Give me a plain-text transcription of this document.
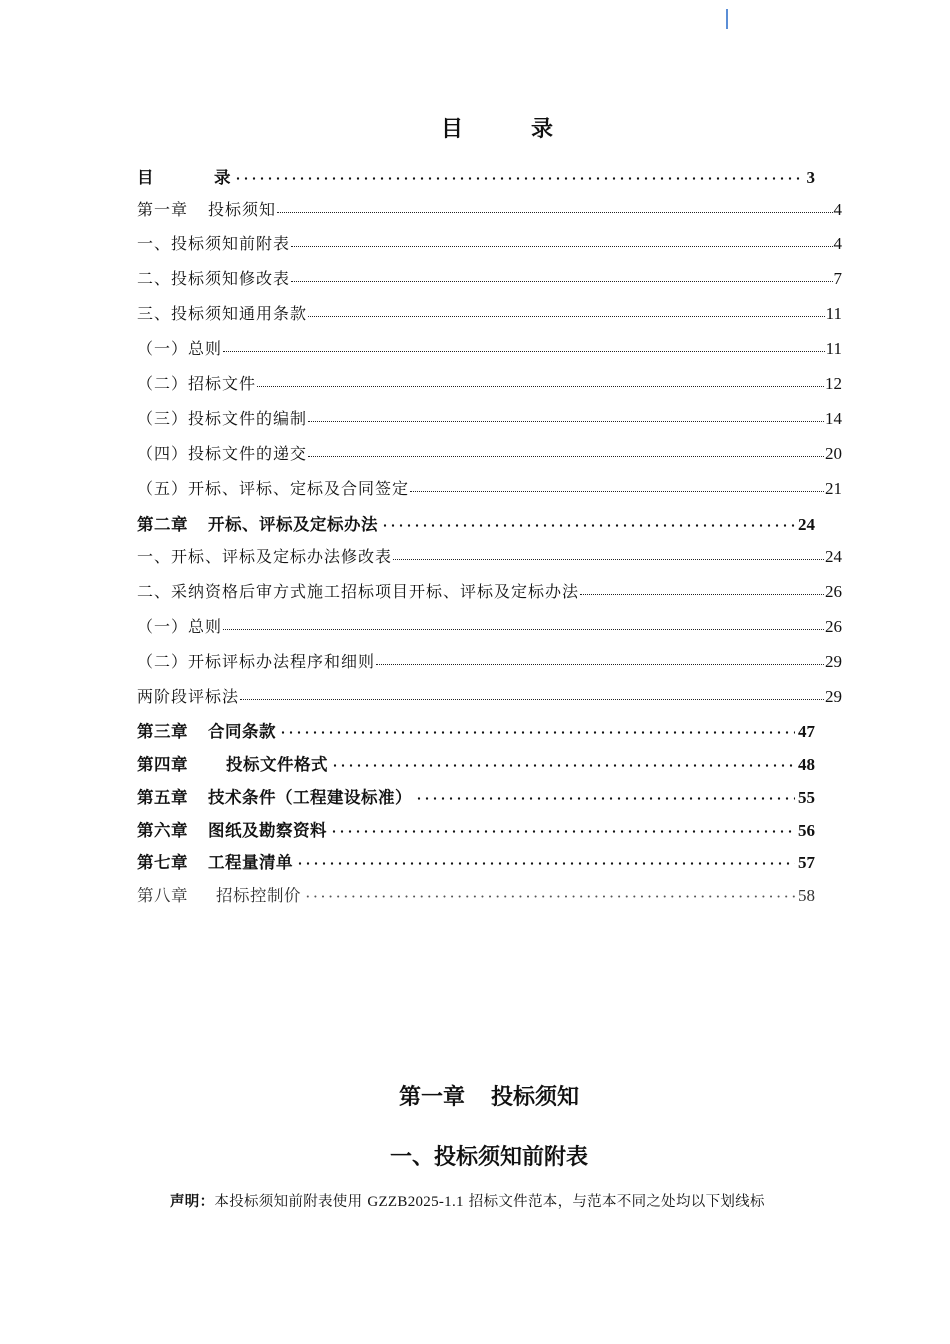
目	录
目	录	3
第一章 投标须知	4
一、投标须知前附表	4
二、投标须知修改表	7
三、投标须知通用条款	11
（一）总则	11
（二）招标文件	12
（三）投标文件的编制	14
（四）投标文件的递交	20
（五）开标、评标、定标及合同签定	21
第二章 开标、评标及定标办法	24
一、开标、评标及定标办法修改表	24
二、采纳资格后审方式施工招标项目开标、评标及定标办法	26
（一）总则	26
（二）开标评标办法程序和细则	29
两阶段评标法	29
第三章 合同条款	47
第四章 投标文件格式	48
第五章 技术条件（工程建设标准）	55
第六章 图纸及勘察资料	56
第七章 工程量清单	57
第八章 招标控制价	58
第一章 投标须知
一、投标须知前附表
声明：本投标须知前附表使用 GZZB2025-1.1 招标文件范本，与范本不同之处均以下划线标
